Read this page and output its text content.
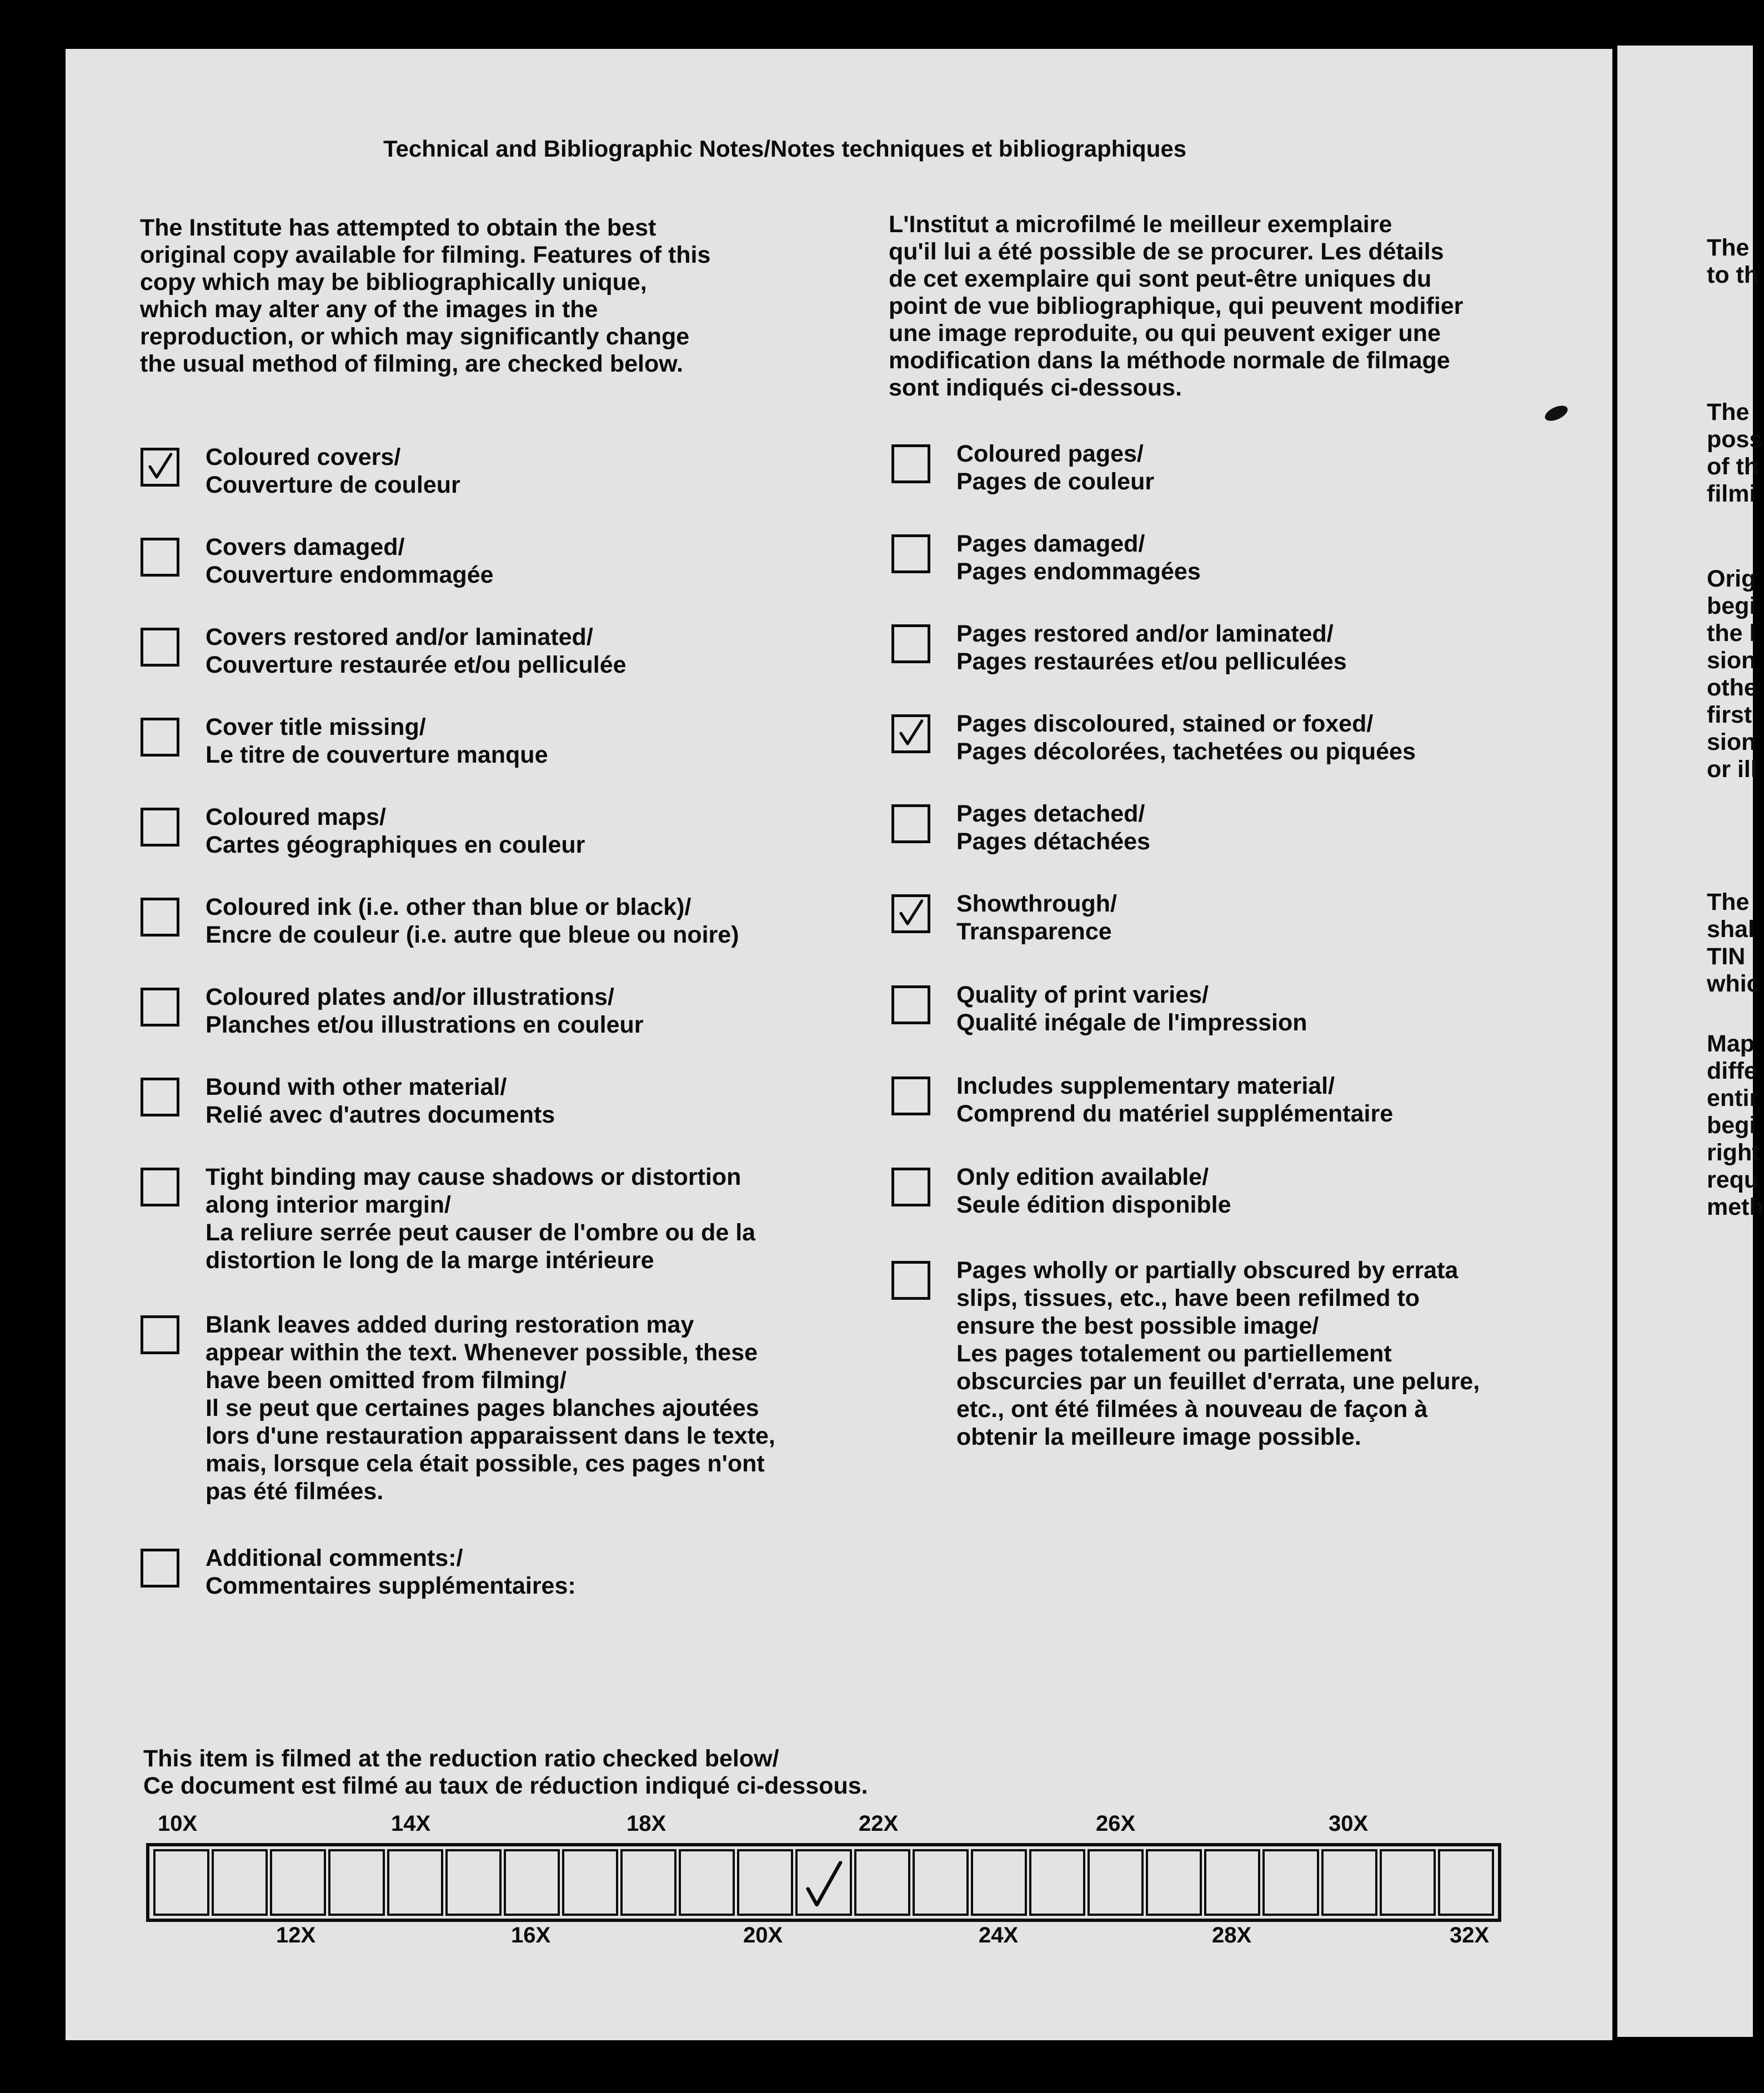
Technical and Bibliographic Notes/Notes techniques et bibliographiques
The Institute has attempted to obtain the best
original copy available for filming. Features of this
copy which may be bibliographically unique,
which may alter any of the images in the
reproduction, or which may significantly change
the usual method of filming, are checked below.
L'Institut a microfilmé le meilleur exemplaire
qu'il lui a été possible de se procurer. Les détails
de cet exemplaire qui sont peut-être uniques du
point de vue bibliographique, qui peuvent modifier
une image reproduite, ou qui peuvent exiger une
modification dans la méthode normale de filmage
sont indiqués ci-dessous.
Coloured covers/
Couverture de couleur
Covers damaged/
Couverture endommagée
Covers restored and/or laminated/
Couverture restaurée et/ou pelliculée
Cover title missing/
Le titre de couverture manque
Coloured maps/
Cartes géographiques en couleur
Coloured ink (i.e. other than blue or black)/
Encre de couleur (i.e. autre que bleue ou noire)
Coloured plates and/or illustrations/
Planches et/ou illustrations en couleur
Bound with other material/
Relié avec d'autres documents
Tight binding may cause shadows or distortion
along interior margin/
La reliure serrée peut causer de l'ombre ou de la
distortion le long de la marge intérieure
Blank leaves added during restoration may
appear within the text. Whenever possible, these
have been omitted from filming/
Il se peut que certaines pages blanches ajoutées
lors d'une restauration apparaissent dans le texte,
mais, lorsque cela était possible, ces pages n'ont
pas été filmées.
Additional comments:/
Commentaires supplémentaires:
Coloured pages/
Pages de couleur
Pages damaged/
Pages endommagées
Pages restored and/or laminated/
Pages restaurées et/ou pelliculées
Pages discoloured, stained or foxed/
Pages décolorées, tachetées ou piquées
Pages detached/
Pages détachées
Showthrough/
Transparence
Quality of print varies/
Qualité inégale de l'impression
Includes supplementary material/
Comprend du matériel supplémentaire
Only edition available/
Seule édition disponible
Pages wholly or partially obscured by errata
slips, tissues, etc., have been refilmed to
ensure the best possible image/
Les pages totalement ou partiellement
obscurcies par un feuillet d'errata, une pelure,
etc., ont été filmées à nouveau de façon à
obtenir la meilleure image possible.
This item is filmed at the reduction ratio checked below/
Ce document est filmé au taux de réduction indiqué ci-dessous.
10X	14X	18X	22X	26X	30X
12X	16X	20X	24X	28X	32X
The
to th
The
poss
of th
filmi
Orig
begi
the l
sion
othe
first
sion
or ill
The
shal
TIN
whic
Map
diffe
entir
begi
right
requ
meth
